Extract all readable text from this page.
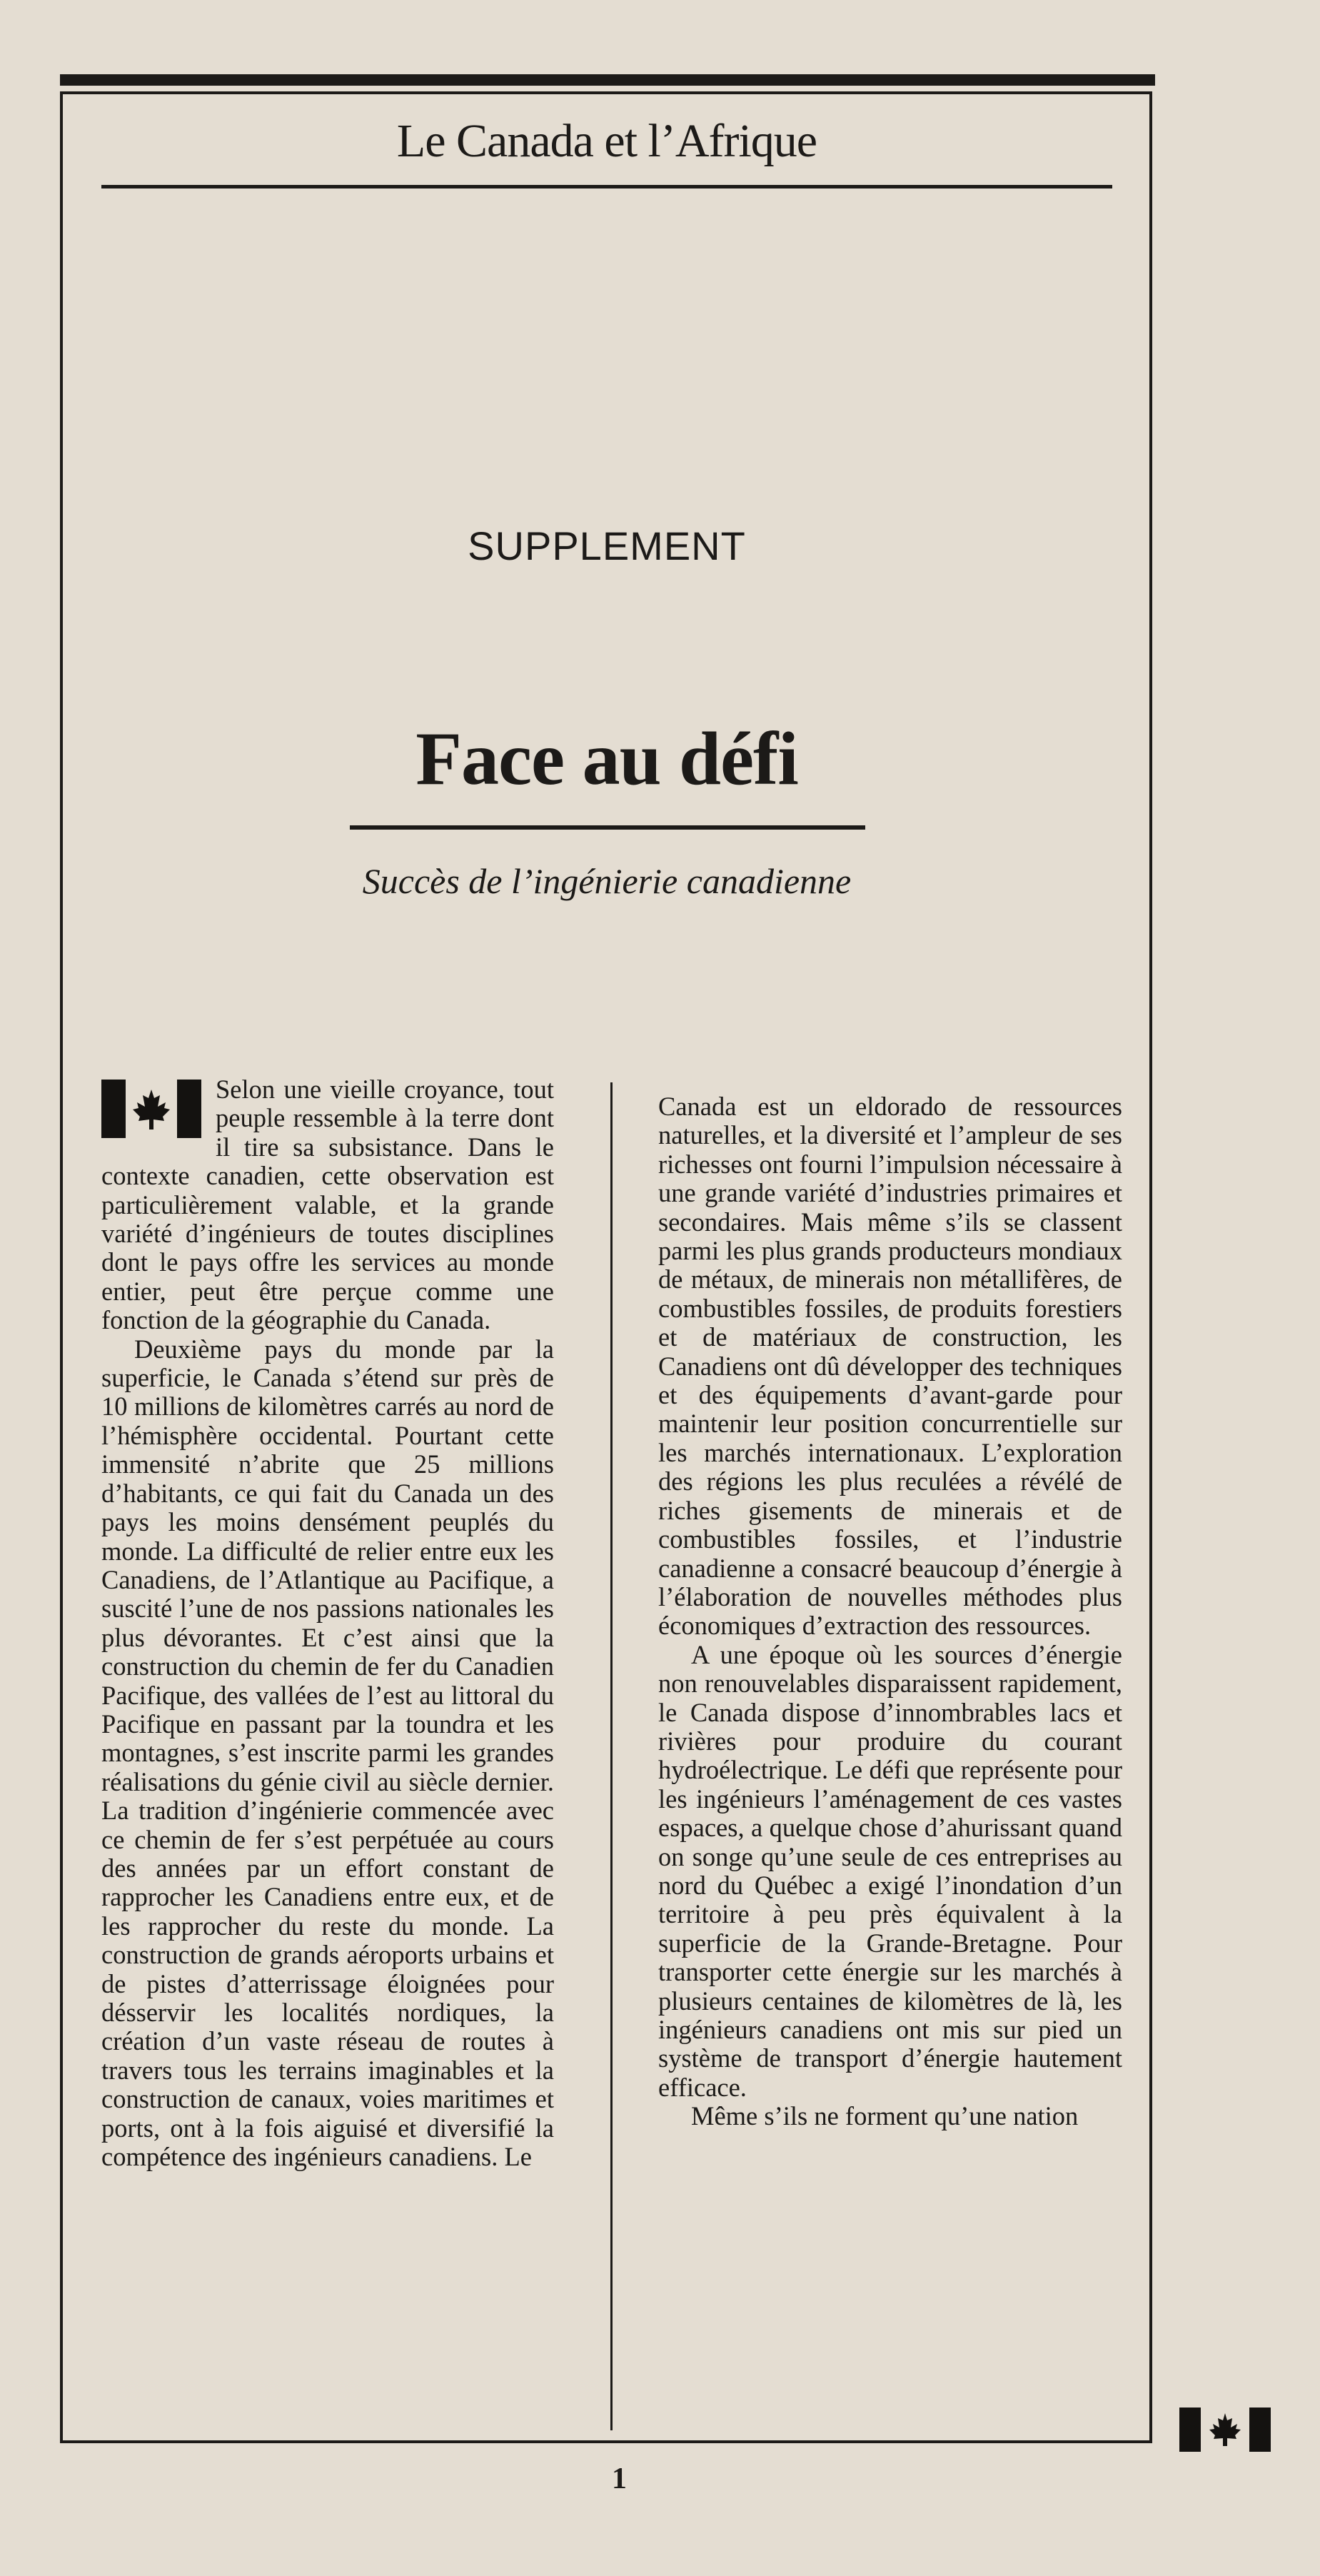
Le Canada et l’Afrique
SUPPLEMENT
Face au défi
Succès de l’ingénierie canadienne

Selon une vieille croyance, tout peuple ressemble à la terre dont il tire sa subsistance. Dans le contexte canadien, cette observation est particulièrement valable, et la grande variété d’ingénieurs de toutes disciplines dont le pays offre les services au monde entier, peut être perçue comme une fonction de la géographie du Canada.

Deuxième pays du monde par la superficie, le Canada s’étend sur près de 10 millions de kilomètres carrés au nord de l’hémisphère occidental. Pourtant cette immensité n’abrite que 25 millions d’habitants, ce qui fait du Canada un des pays les moins densément peuplés du monde. La difficulté de relier entre eux les Canadiens, de l’Atlantique au Pacifique, a suscité l’une de nos passions nationales les plus dévorantes. Et c’est ainsi que la construction du chemin de fer du Canadien Pacifique, des vallées de l’est au littoral du Pacifique en passant par la toundra et les montagnes, s’est inscrite parmi les grandes réalisations du génie civil au siècle dernier. La tradition d’ingénierie commencée avec ce chemin de fer s’est perpétuée au cours des années par un effort constant de rapprocher les Canadiens entre eux, et de les rapprocher du reste du monde. La construction de grands aéroports urbains et de pistes d’atterrissage éloignées pour désservir les localités nordiques, la création d’un vaste réseau de routes à travers tous les terrains imaginables et la construction de canaux, voies maritimes et ports, ont à la fois aiguisé et diversifié la compétence des ingénieurs canadiens. Le

Canada est un eldorado de ressources naturelles, et la diversité et l’ampleur de ses richesses ont fourni l’impulsion nécessaire à une grande variété d’industries primaires et secondaires. Mais même s’ils se classent parmi les plus grands producteurs mondiaux de métaux, de minerais non métallifères, de combustibles fossiles, de produits forestiers et de matériaux de construction, les Canadiens ont dû développer des techniques et des équipements d’avant-garde pour maintenir leur position concurrentielle sur les marchés internationaux. L’exploration des régions les plus reculées a révélé de riches gisements de minerais et de combustibles fossiles, et l’industrie canadienne a consacré beaucoup d’énergie à l’élaboration de nouvelles méthodes plus économiques d’extraction des ressources.

A une époque où les sources d’énergie non renouvelables disparaissent rapidement, le Canada dispose d’innombrables lacs et rivières pour produire du courant hydroélectrique. Le défi que représente pour les ingénieurs l’aménagement de ces vastes espaces, a quelque chose d’ahurissant quand on songe qu’une seule de ces entreprises au nord du Québec a exigé l’inondation d’un territoire à peu près équivalent à la superficie de la Grande-Bretagne. Pour transporter cette énergie sur les marchés à plusieurs centaines de kilomètres de là, les ingénieurs canadiens ont mis sur pied un système de transport d’énergie hautement efficace.

Même s’ils ne forment qu’une nation

1
